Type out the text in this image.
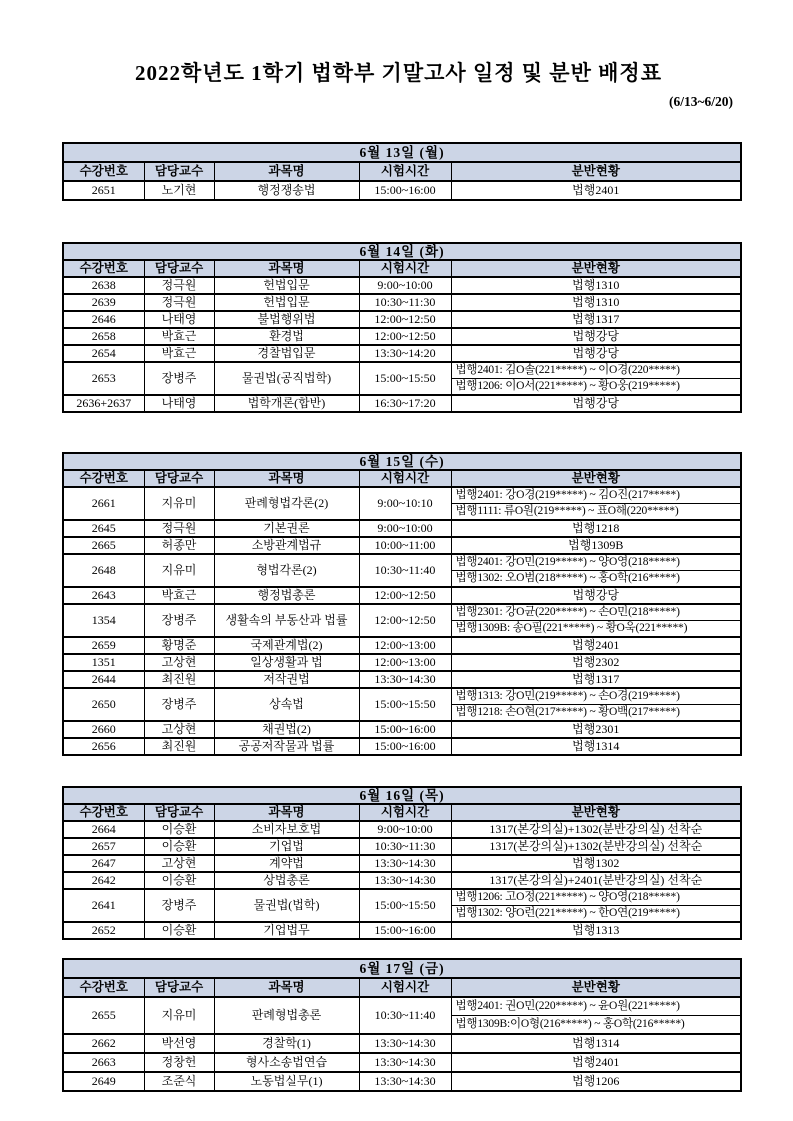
2022학년도 1학기 법학부 기말고사 일정 및 분반 배정표
(6/13~6/20)
6월 13일 (월)				
수강번호	담당교수	과목명	시험시간	분반현황
2651	노기현	행정쟁송법	15:00~16:00	법행2401
6월 14일 (화)				
수강번호	담당교수	과목명	시험시간	분반현황
2638	정극원	헌법입문	9:00~10:00	법행1310
2639	정극원	헌법입문	10:30~11:30	법행1310
2646	나태영	불법행위법	12:00~12:50	법행1317
2658	박효근	환경법	12:00~12:50	법행강당
2654	박효근	경찰법입문	13:30~14:20	법행강당
2653	장병주	물권법(공직법학)	15:00~15:50	법행2401: 김O솔(221*****) ~ 이O경(220*****)
				법행1206: 이O서(221*****) ~ 황O웅(219*****)
2636+2637	나태영	법학개론(합반)	16:30~17:20	법행강당
6월 15일 (수)				
수강번호	담당교수	과목명	시험시간	분반현황
2661	지유미	판례형법각론(2)	9:00~10:10	법행2401: 강O경(219*****) ~ 김O진(217*****)
				법행1111: 류O원(219*****) ~ 표O해(220*****)
2645	정극원	기본권론	9:00~10:00	법행1218
2665	허종만	소방관계법규	10:00~11:00	법행1309B
2648	지유미	형법각론(2)	10:30~11:40	법행2401: 강O민(219*****) ~ 양O영(218*****)
				법행1302: 오O범(218*****) ~ 홍O학(216*****)
2643	박효근	행정법총론	12:00~12:50	법행강당
1354	장병주	생활속의 부동산과 법률	12:00~12:50	법행2301: 강O균(220*****) ~ 손O민(218*****)
				법행1309B: 송O필(221*****) ~ 황O욱(221*****)
2659	황명준	국제관계법(2)	12:00~13:00	법행2401
1351	고상현	일상생활과 법	12:00~13:00	법행2302
2644	최진원	저작권법	13:30~14:30	법행1317
2650	장병주	상속법	15:00~15:50	법행1313: 강O민(219*****) ~ 손O경(219*****)
				법행1218: 손O현(217*****) ~ 황O백(217*****)
2660	고상현	채권법(2)	15:00~16:00	법행2301
2656	최진원	공공저작물과 법률	15:00~16:00	법행1314
6월 16일 (목)				
수강번호	담당교수	과목명	시험시간	분반현황
2664	이승환	소비자보호법	9:00~10:00	1317(본강의실)+1302(분반강의실) 선착순
2657	이승환	기업법	10:30~11:30	1317(본강의실)+1302(분반강의실) 선착순
2647	고상현	계약법	13:30~14:30	법행1302
2642	이승환	상법총론	13:30~14:30	1317(본강의실)+2401(분반강의실) 선착순
2641	장병주	물권법(법학)	15:00~15:50	법행1206: 고O정(221*****) ~ 양O영(218*****)
				법행1302: 양O런(221*****) ~ 한O연(219*****)
2652	이승환	기업법무	15:00~16:00	법행1313
6월 17일 (금)				
수강번호	담당교수	과목명	시험시간	분반현황
2655	지유미	판례형법총론	10:30~11:40	법행2401: 권O민(220*****) ~ 윤O원(221*****)
				법행1309B:이O형(216*****) ~ 홍O학(216*****)
2662	박선영	경찰학(1)	13:30~14:30	법행1314
2663	정창헌	형사소송법연습	13:30~14:30	법행2401
2649	조준식	노동법실무(1)	13:30~14:30	법행1206
